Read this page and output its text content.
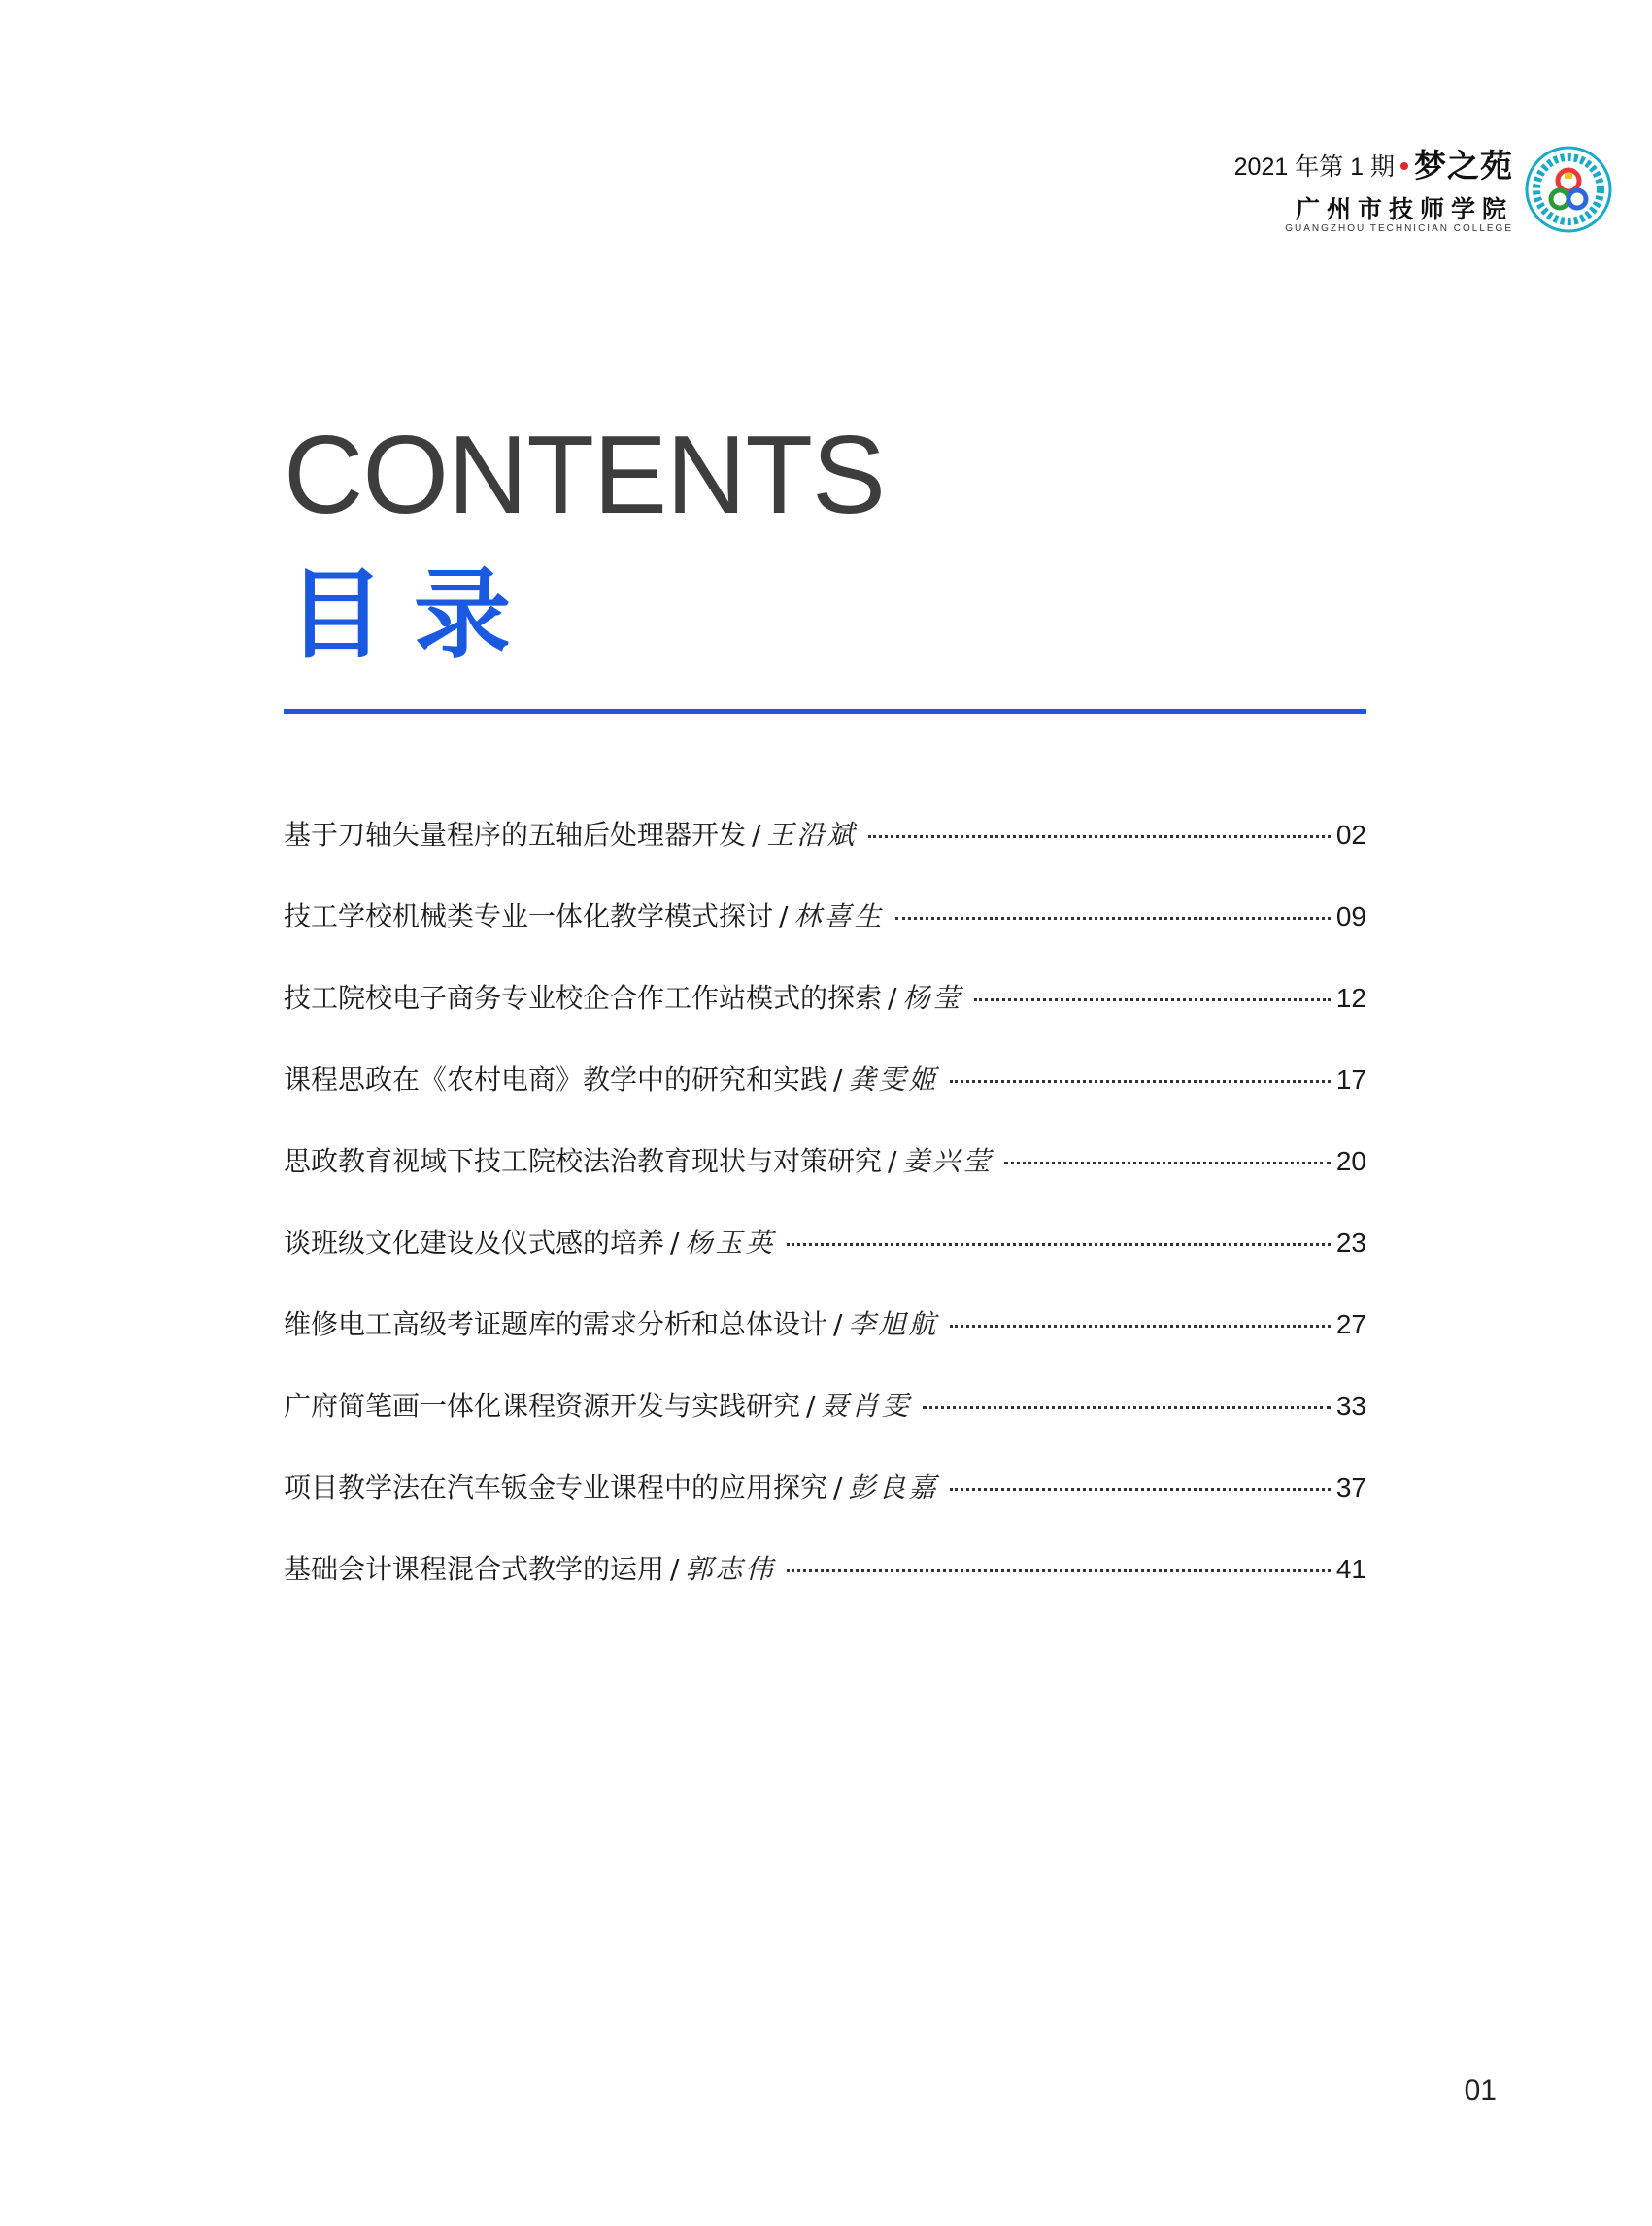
2021 年第 1 期 梦之苑
广州市技师学院
GUANGZHOU TECHNICIAN COLLEGE
CONTENTS
目录
基于刀轴矢量程序的五轴后处理器开发 / 王沿斌	02
技工学校机械类专业一体化教学模式探讨 / 林喜生	09
技工院校电子商务专业校企合作工作站模式的探索 / 杨莹	12
课程思政在《农村电商》教学中的研究和实践 / 龚雯姬	17
思政教育视域下技工院校法治教育现状与对策研究 / 姜兴莹	20
谈班级文化建设及仪式感的培养 / 杨玉英	23
维修电工高级考证题库的需求分析和总体设计 / 李旭航	27
广府简笔画一体化课程资源开发与实践研究 / 聂肖雯	33
项目教学法在汽车钣金专业课程中的应用探究 / 彭良嘉	37
基础会计课程混合式教学的运用 / 郭志伟	41
01
